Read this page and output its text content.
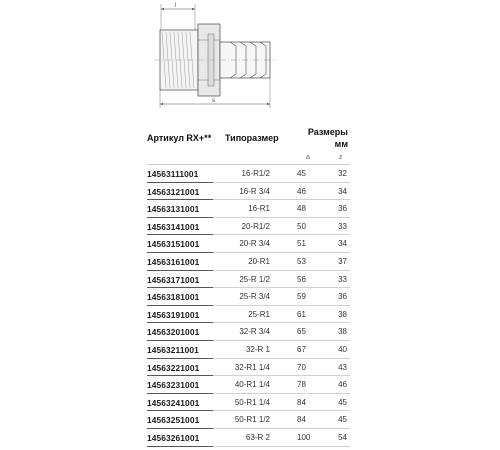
l
s
Артикул RX+** Типоразмер
Размеры
мм
a	z
14563111001	16-R1/2	45	32
14563121001	16-R 3/4	46	34
14563131001	16-R1	48	36
14563141001	20-R1/2	50	33
14563151001	20-R 3/4	51	34
14563161001	20-R1	53	37
14563171001	25-R 1/2	56	33
14563181001	25-R 3/4	59	36
14563191001	25-R1	61	38
14563201001	32-R 3/4	65	38
14563211001	32-R 1	67	40
14563221001	32-R1 1/4	70	43
14563231001	40-R1 1/4	78	46
14563241001	50-R1 1/4	84	45
14563251001	50-R1 1/2	84	45
14563261001	63-R 2	100	54
